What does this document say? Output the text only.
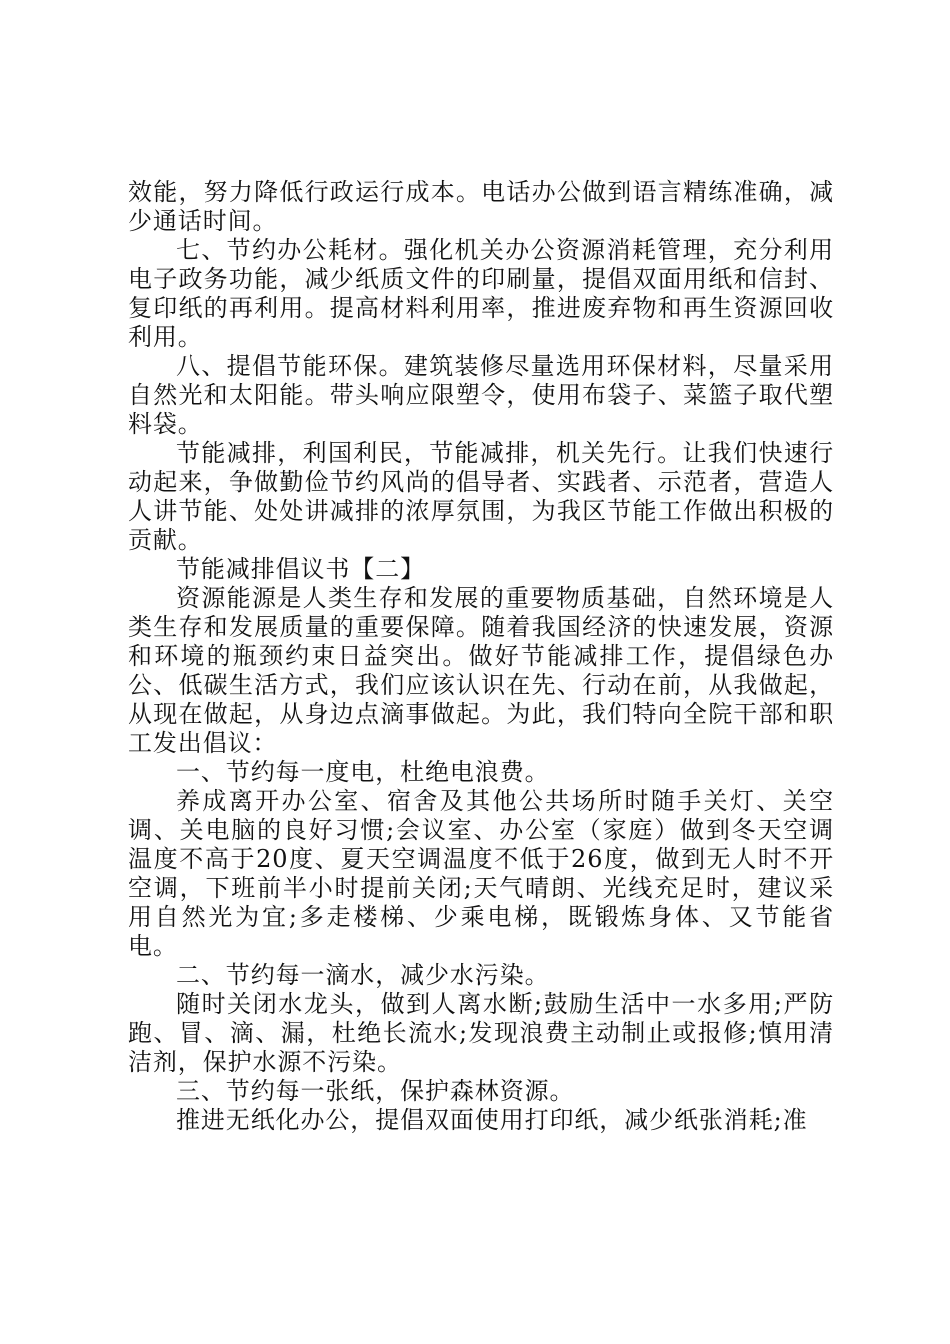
效能，努力降低行政运行成本。电话办公做到语言精练准确，减少通话时间。

七、节约办公耗材。强化机关办公资源消耗管理，充分利用电子政务功能，减少纸质文件的印刷量，提倡双面用纸和信封、复印纸的再利用。提高材料利用率，推进废弃物和再生资源回收利用。

八、提倡节能环保。建筑装修尽量选用环保材料，尽量采用自然光和太阳能。带头响应限塑令，使用布袋子、菜篮子取代塑料袋。

节能减排，利国利民，节能减排，机关先行。让我们快速行动起来，争做勤俭节约风尚的倡导者、实践者、示范者，营造人人讲节能、处处讲减排的浓厚氛围，为我区节能工作做出积极的贡献。

节能减排倡议书【二】

资源能源是人类生存和发展的重要物质基础，自然环境是人类生存和发展质量的重要保障。随着我国经济的快速发展，资源和环境的瓶颈约束日益突出。做好节能减排工作，提倡绿色办公、低碳生活方式，我们应该认识在先、行动在前，从我做起，从现在做起，从身边点滴事做起。为此，我们特向全院干部和职工发出倡议：

一、节约每一度电，杜绝电浪费。

养成离开办公室、宿舍及其他公共场所时随手关灯、关空调、关电脑的良好习惯;会议室、办公室（家庭）做到冬天空调温度不高于20度、夏天空调温度不低于26度，做到无人时不开空调，下班前半小时提前关闭;天气晴朗、光线充足时，建议采用自然光为宜;多走楼梯、少乘电梯，既锻炼身体、又节能省电。

二、节约每一滴水，减少水污染。

随时关闭水龙头，做到人离水断;鼓励生活中一水多用;严防跑、冒、滴、漏，杜绝长流水;发现浪费主动制止或报修;慎用清洁剂，保护水源不污染。

三、节约每一张纸，保护森林资源。

推进无纸化办公，提倡双面使用打印纸，减少纸张消耗;准
